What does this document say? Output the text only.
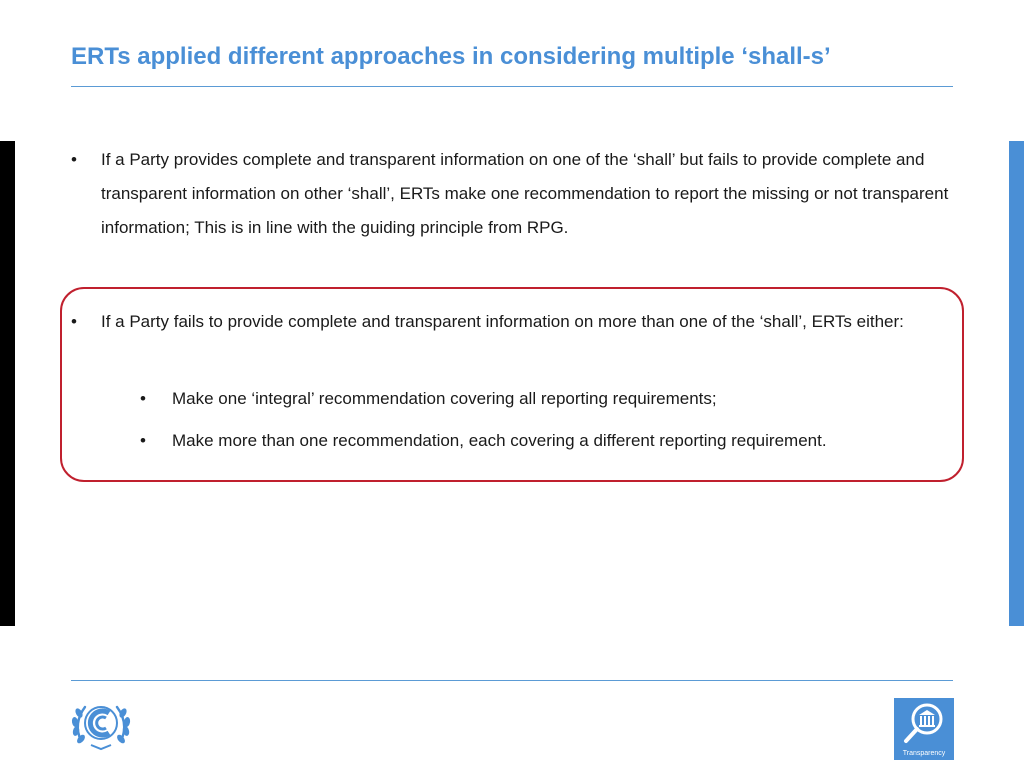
ERTs applied different approaches in considering multiple ‘shall-s’
•	If a Party provides complete and transparent information on one of the ‘shall’ but fails to provide complete and transparent information on other ‘shall’, ERTs make one recommendation to report the missing or not transparent information; This is in line with the guiding principle from RPG.
•	If a Party fails to provide complete and transparent information on more than one of the ‘shall’, ERTs either:
• Make one ‘integral’ recommendation covering all reporting requirements;
• Make more than one recommendation, each covering a different reporting requirement.
Transparency
